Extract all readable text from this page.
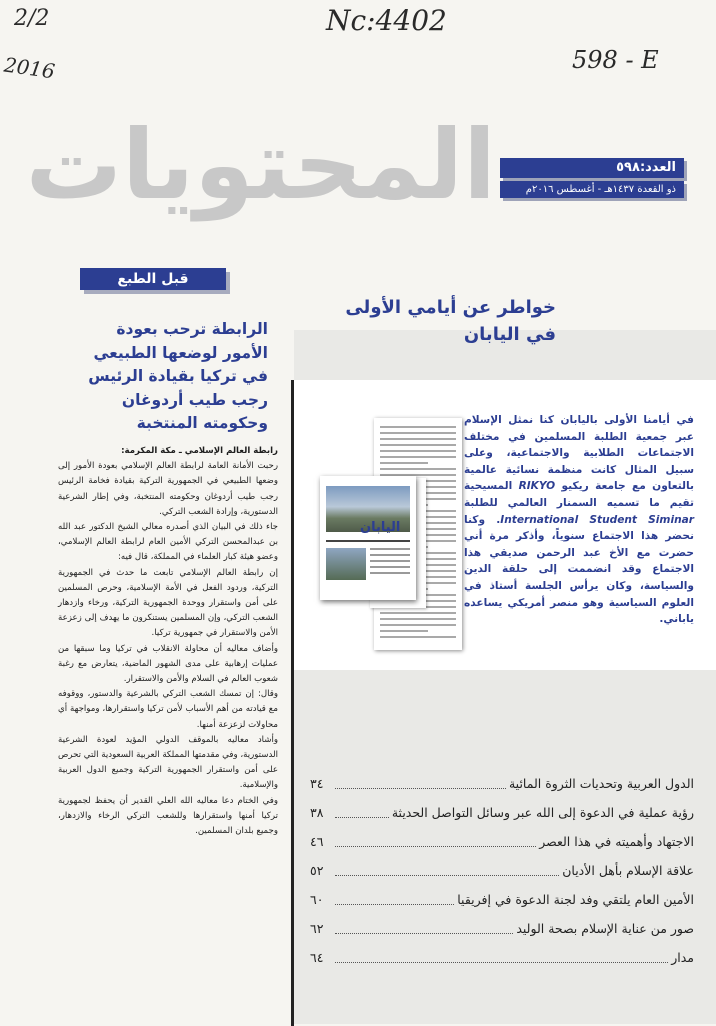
2/2
2016
Nc:4402
598 - E
المحتويات	العدد:٥٩٨
ذو القعدة ١٤٣٧هـ - أغسطس ٢٠١٦م
قبل الطبع
الرابطة ترحب بعودة
الأمور لوضعها الطبيعي
في تركيا بقيادة الرئيس
رجب طيب أردوغان
وحكومته المنتخبة

رابطة العالم الإسلامي ـ مكة المكرمة:

رحبت الأمانة العامة لرابطة العالم الإسلامي بعودة الأمور إلى وضعها الطبيعي في الجمهورية التركية بقيادة فخامة الرئيس رجب طيب أردوغان وحكومته المنتخبة، وفي إطار الشرعية الدستورية، وإرادة الشعب التركي.

جاء ذلك في البيان الذي أصدره معالي الشيخ الدكتور عبد الله بن عبدالمحسن التركي الأمين العام لرابطة العالم الإسلامي، وعضو هيئة كبار العلماء في المملكة، قال فيه:

إن رابطة العالم الإسلامي تابعت ما حدث في الجمهورية التركية، وردود الفعل في الأمة الإسلامية، وحرص المسلمين على أمن واستقرار ووحدة الجمهورية التركية، ورخاء وازدهار الشعب التركي، وإن المسلمين يستنكرون ما يهدف إلى زعزعة الأمن والاستقرار في جمهورية تركيا.

وأضاف معاليه أن محاولة الانقلاب في تركيا وما سبقها من عمليات إرهابية على مدى الشهور الماضية، يتعارض مع رغبة شعوب العالم في السلام والأمن والاستقرار.

وقال: إن تمسك الشعب التركي بالشرعية والدستور، ووقوفه مع قيادته من أهم الأسباب لأمن تركيا واستقرارها، ومواجهة أي محاولات لزعزعة أمنها.

وأشاد معاليه بالموقف الدولي المؤيد لعودة الشرعية الدستورية، وفي مقدمتها المملكة العربية السعودية التي تحرص على أمن واستقرار الجمهورية التركية وجميع الدول العربية والإسلامية.

وفي الختام دعا معاليه الله العلي القدير أن يحفظ لجمهورية تركيا أمنها واستقرارها وللشعب التركي الرخاء والازدهار، وجميع بلدان المسلمين.

خواطر عن أيامي الأولى
في اليابان
اليابان
في أيامنا الأولى باليابان كنا نمثل الإسلام عبر جمعية الطلبة المسلمين في مختلف الاجتماعات الطلابية والاجتماعية، وعلى سبيل المثال كانت منظمة نسائية عالمية بالتعاون مع جامعة ريكيو RIKYO المسيحية تقيم ما تسميه السمنار العالمي للطلبة International Student Siminar. وكنا نحضر هذا الاجتماع سنوياً، وأذكر مرة أني حضرت مع الأخ عبد الرحمن صديقي هذا الاجتماع وقد انضممت إلى حلقة الدين والسياسة، وكان يرأس الجلسة أستاذ في العلوم السياسية وهو منصر أمريكي يساعده ياباني.
الدول العربية وتحديات الثروة المائية
٣٤
رؤية عملية في الدعوة إلى الله عبر وسائل التواصل الحديثة
٣٨
الاجتهاد وأهميته في هذا العصر
٤٦
علاقة الإسلام بأهل الأديان
٥٢
الأمين العام يلتقي وفد لجنة الدعوة في إفريقيا
٦٠
صور من عناية الإسلام بصحة الوليد
٦٢
مدار
٦٤
